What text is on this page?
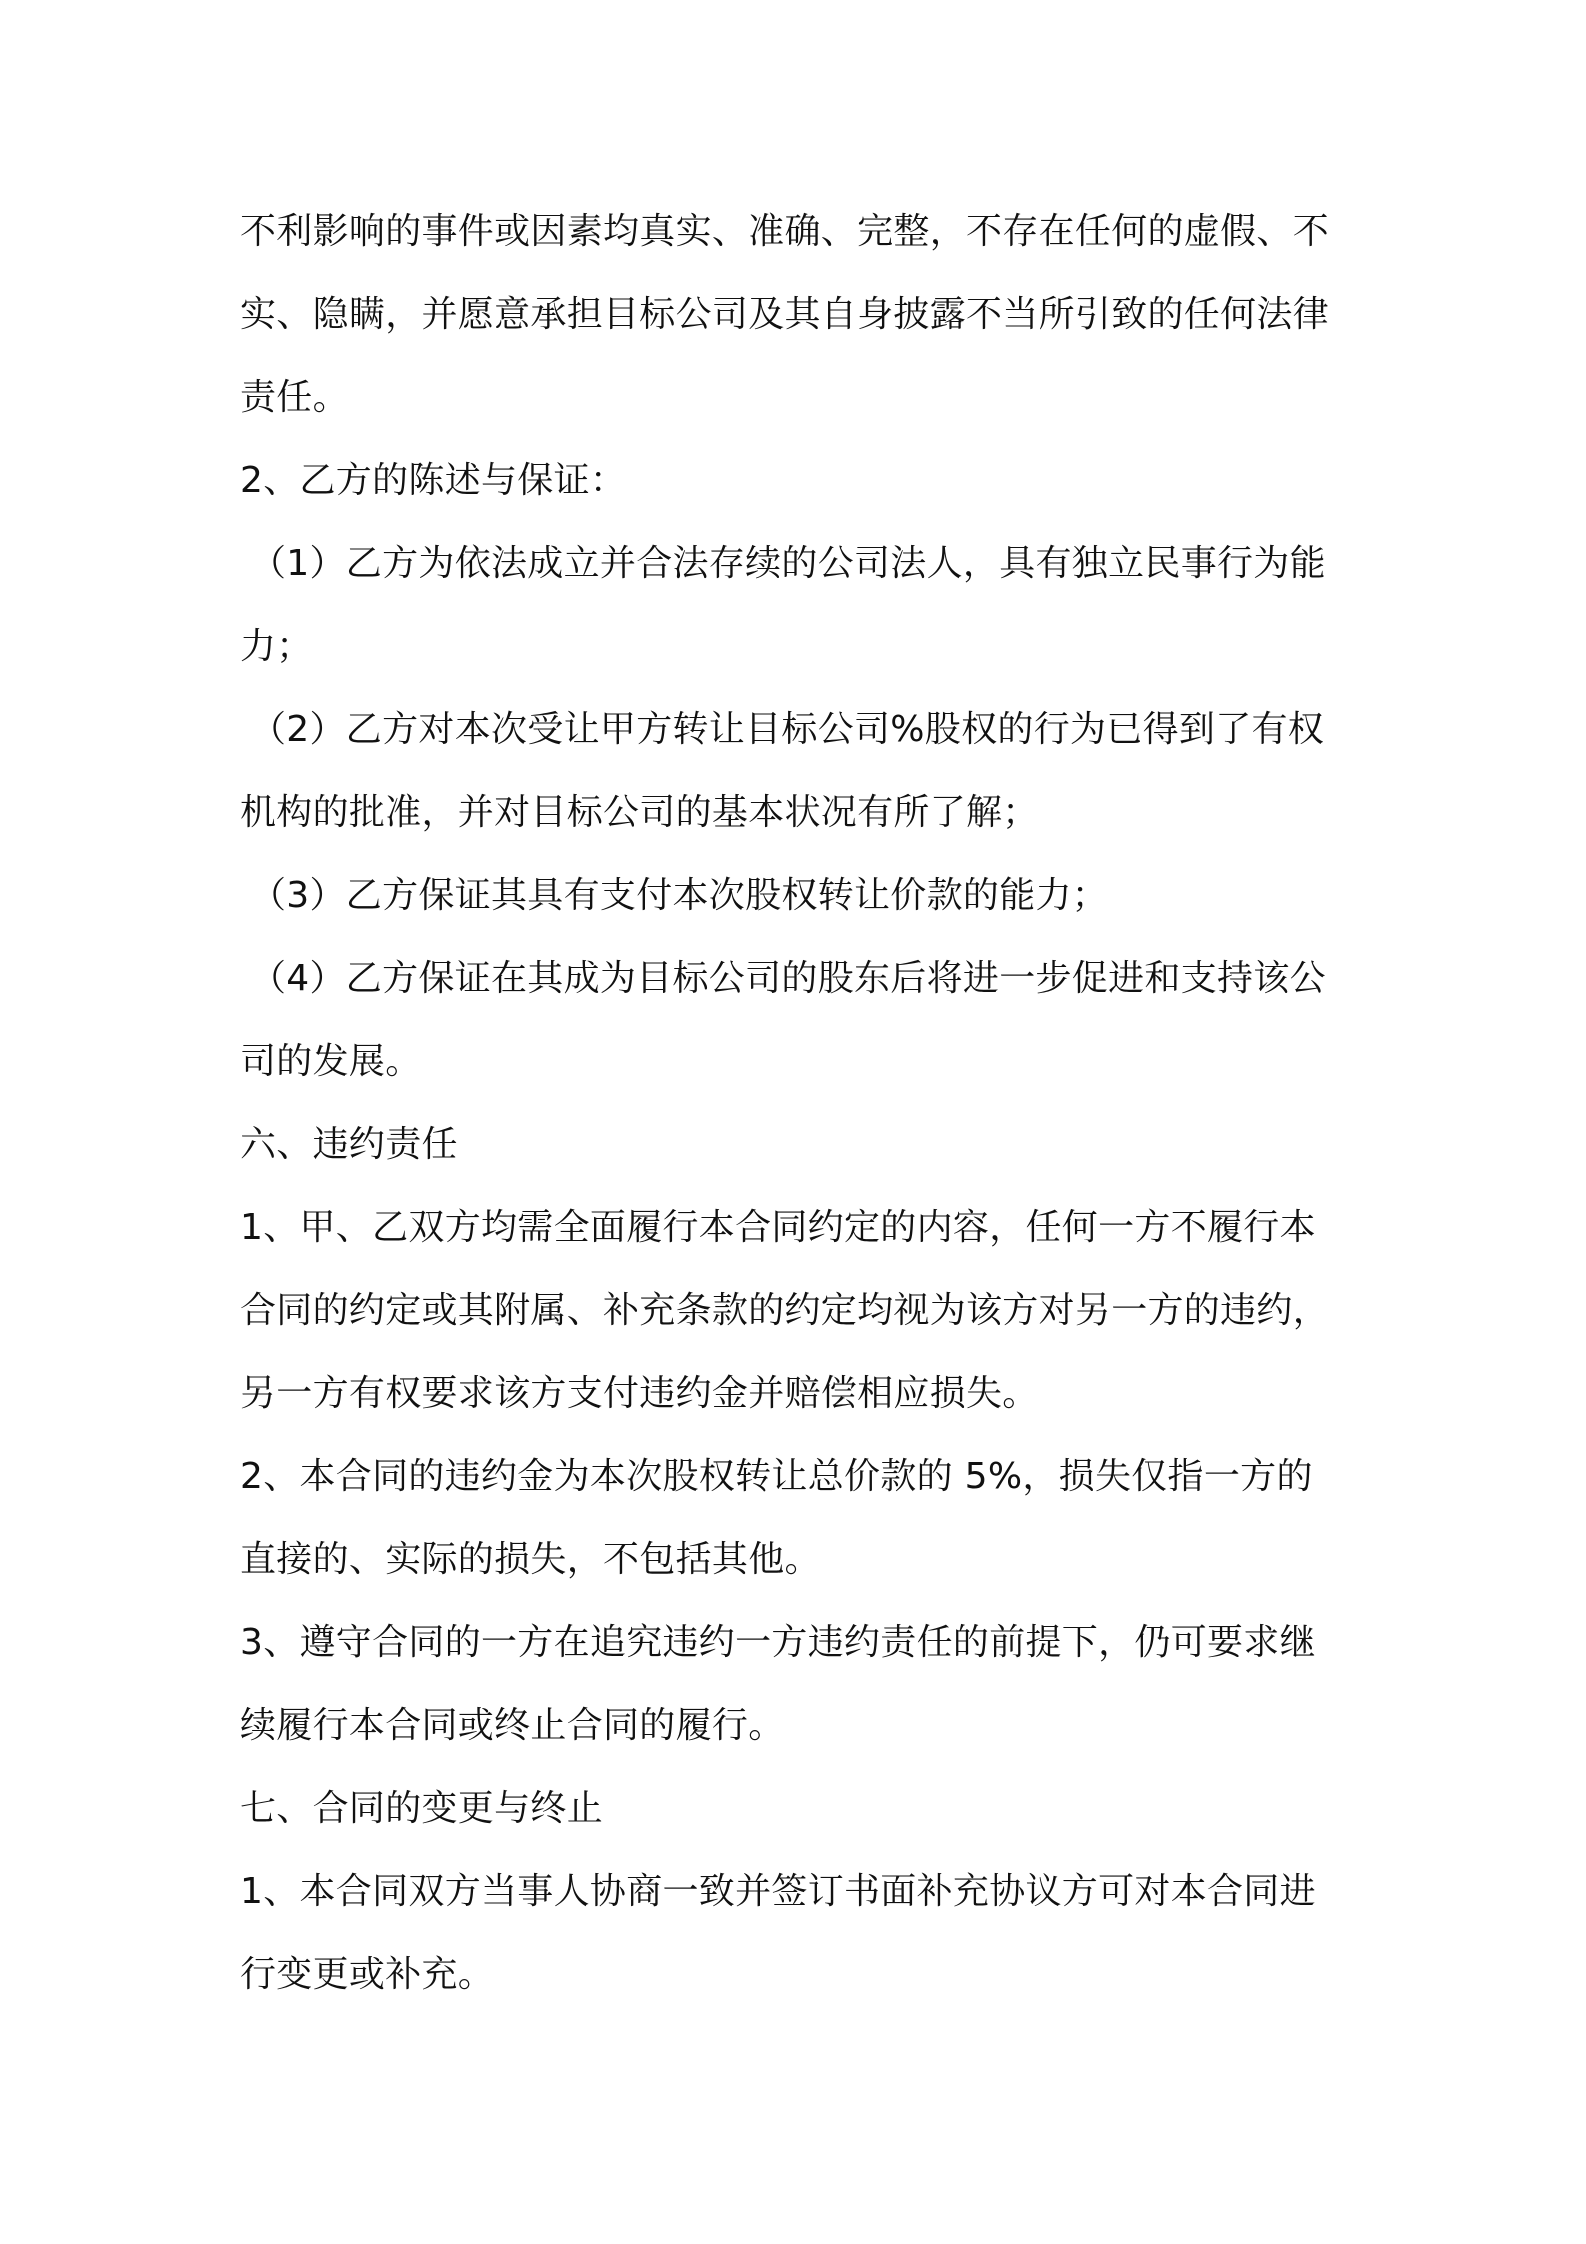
不利影响的事件或因素均真实、准确、完整，不存在任何的虚假、不
实、隐瞒，并愿意承担目标公司及其自身披露不当所引致的任何法律
责任。
2、乙方的陈述与保证：
（1）乙方为依法成立并合法存续的公司法人，具有独立民事行为能
力；
（2）乙方对本次受让甲方转让目标公司%股权的行为已得到了有权
机构的批准，并对目标公司的基本状况有所了解；
（3）乙方保证其具有支付本次股权转让价款的能力；
（4）乙方保证在其成为目标公司的股东后将进一步促进和支持该公
司的发展。
六、违约责任
1、甲、乙双方均需全面履行本合同约定的内容，任何一方不履行本
合同的约定或其附属、补充条款的约定均视为该方对另一方的违约，
另一方有权要求该方支付违约金并赔偿相应损失。
2、本合同的违约金为本次股权转让总价款的 5%，损失仅指一方的
直接的、实际的损失，不包括其他。
3、遵守合同的一方在追究违约一方违约责任的前提下，仍可要求继
续履行本合同或终止合同的履行。
七、合同的变更与终止
1、本合同双方当事人协商一致并签订书面补充协议方可对本合同进
行变更或补充。
